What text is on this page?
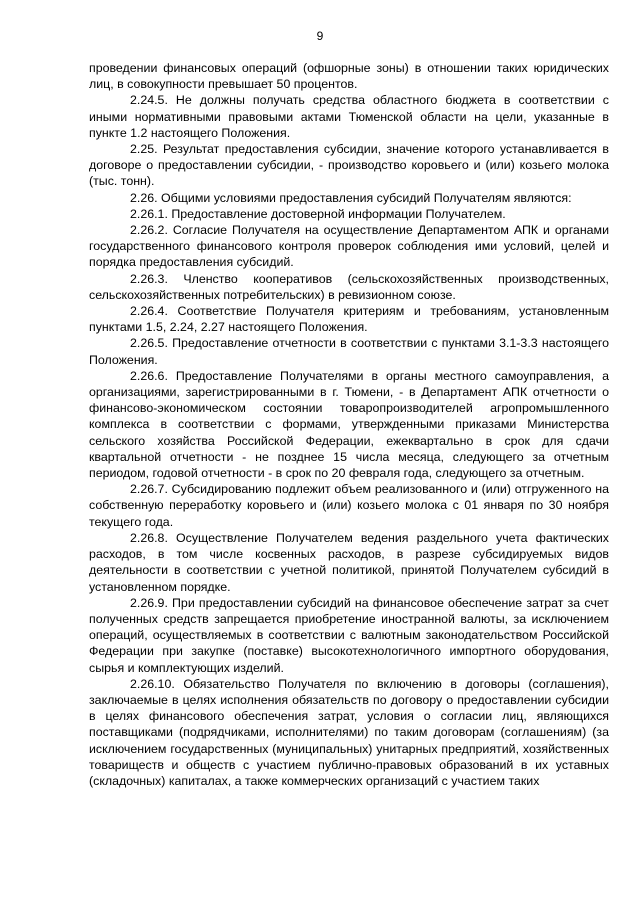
9

проведении финансовых операций (офшорные зоны) в отношении таких юридических лиц, в совокупности превышает 50 процентов.

2.24.5. Не должны получать средства областного бюджета в соответствии с иными нормативными правовыми актами Тюменской области на цели, указанные в пункте 1.2 настоящего Положения.

2.25. Результат предоставления субсидии, значение которого устанавливается в договоре о предоставлении субсидии, - производство коровьего и (или) козьего молока (тыс. тонн).

2.26. Общими условиями предоставления субсидий Получателям являются:

2.26.1. Предоставление достоверной информации Получателем.

2.26.2. Согласие Получателя на осуществление Департаментом АПК и органами государственного финансового контроля проверок соблюдения ими условий, целей и порядка предоставления субсидий.

2.26.3. Членство кооперативов (сельскохозяйственных производственных, сельскохозяйственных потребительских) в ревизионном союзе.

2.26.4. Соответствие Получателя критериям и требованиям, установленным пунктами 1.5, 2.24, 2.27 настоящего Положения.

2.26.5. Предоставление отчетности в соответствии с пунктами 3.1-3.3 настоящего Положения.

2.26.6. Предоставление Получателями в органы местного самоуправления, а организациями, зарегистрированными в г. Тюмени, - в Департамент АПК отчетности о финансово-экономическом состоянии товаропроизводителей агропромышленного комплекса в соответствии с формами, утвержденными приказами Министерства сельского хозяйства Российской Федерации, ежеквартально в срок для сдачи квартальной отчетности - не позднее 15 числа месяца, следующего за отчетным периодом, годовой отчетности - в срок по 20 февраля года, следующего за отчетным.

2.26.7. Субсидированию подлежит объем реализованного и (или) отгруженного на собственную переработку коровьего и (или) козьего молока с 01 января по 30 ноября текущего года.

2.26.8. Осуществление Получателем ведения раздельного учета фактических расходов, в том числе косвенных расходов, в разрезе субсидируемых видов деятельности в соответствии с учетной политикой, принятой Получателем субсидий в установленном порядке.

2.26.9. При предоставлении субсидий на финансовое обеспечение затрат за счет полученных средств запрещается приобретение иностранной валюты, за исключением операций, осуществляемых в соответствии с валютным законодательством Российской Федерации при закупке (поставке) высокотехнологичного импортного оборудования, сырья и комплектующих изделий.

2.26.10. Обязательство Получателя по включению в договоры (соглашения), заключаемые в целях исполнения обязательств по договору о предоставлении субсидии в целях финансового обеспечения затрат, условия о согласии лиц, являющихся поставщиками (подрядчиками, исполнителями) по таким договорам (соглашениям) (за исключением государственных (муниципальных) унитарных предприятий, хозяйственных товариществ и обществ с участием публично-правовых образований в их уставных (складочных) капиталах, а также коммерческих организаций с участием таких
